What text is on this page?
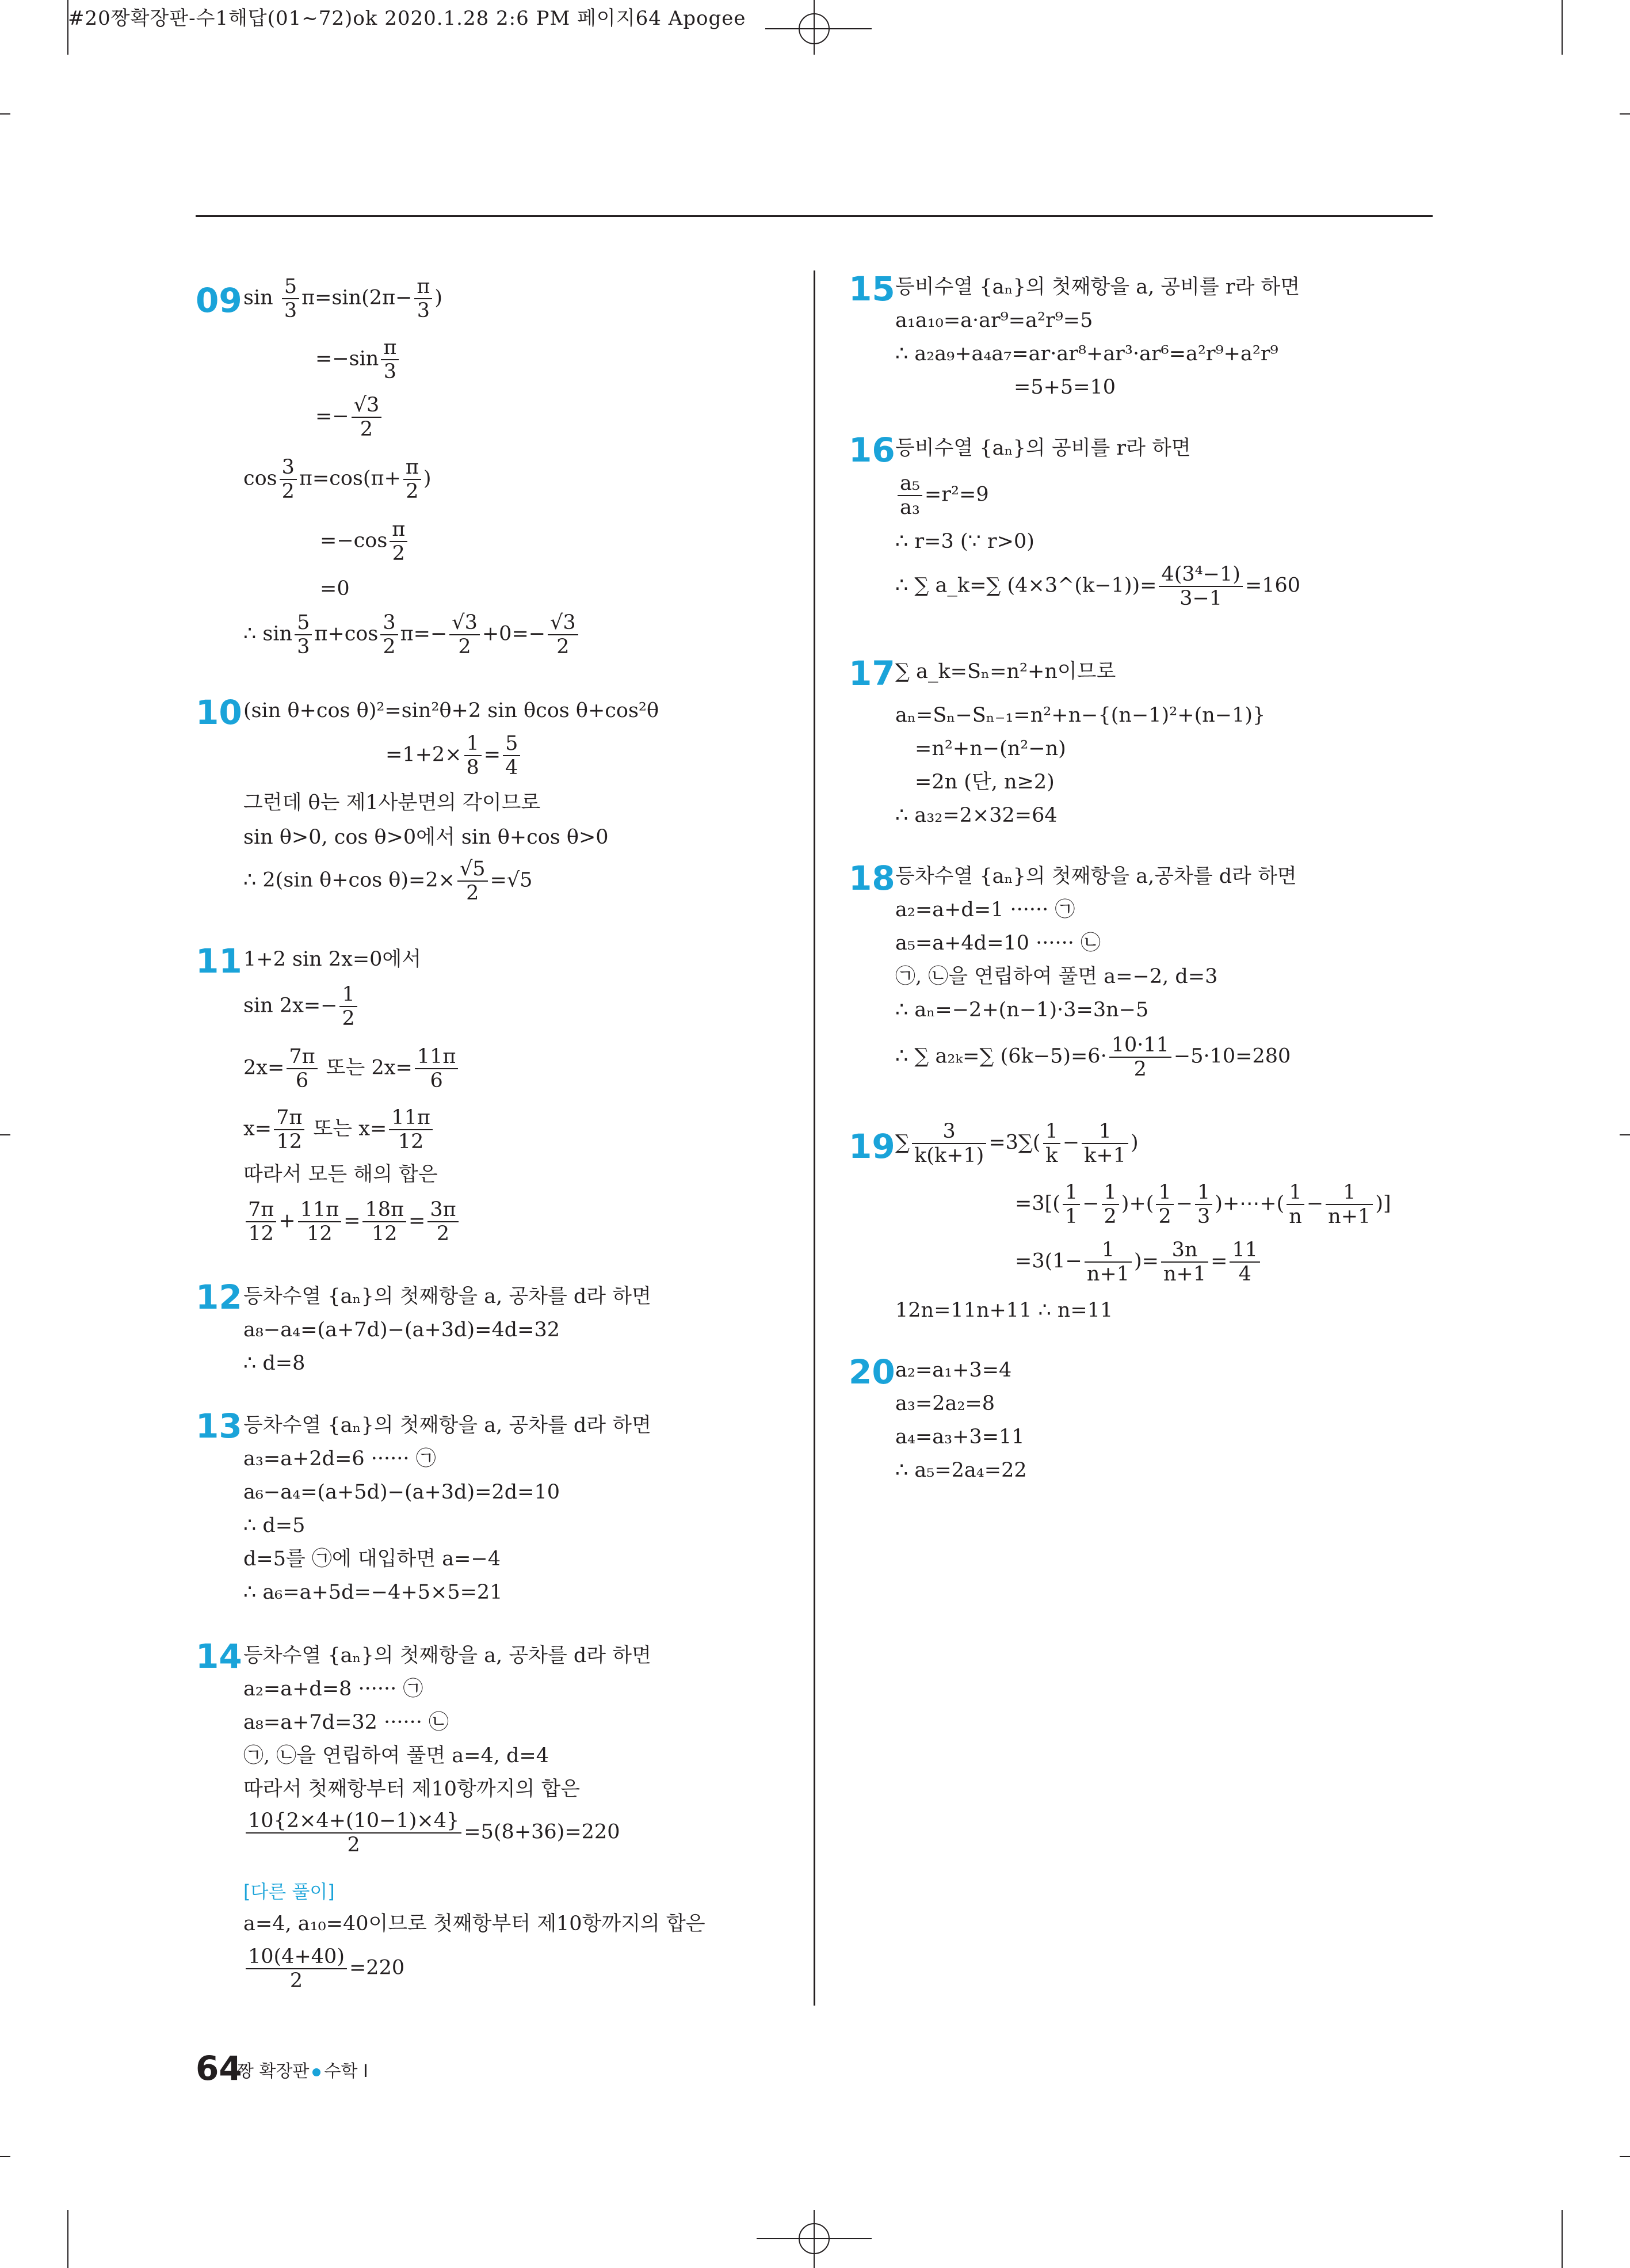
#20짱확장판-수1해답(01~72)ok 2020.1.28 2:6 PM 페이지64 Apogee
09 $\sin \frac{5}{3} \pi=\sin(2\pi- \frac{\pi}{3}$ )
$=-\sin \frac{\pi}{3}$
=− $\frac{√3}{2}$
$\cos \frac{3}{2} \pi=\cos(\pi+ \frac{\pi}{2}$ )
$=-\cos \frac{\pi}{2}$
=0
∴ $\sin \frac{5}{3} \pi+\cos \frac{3}{2} \pi=- \frac{√3}{2} +0=- \frac{√3}{2}$
10 (sin θ+cos θ)²=sin²θ+2 sin θcos θ+cos²θ
$=1+2\times \frac{1}{8} = \frac{5}{4}$
그런데 θ는 제1사분면의 각이므로
sin θ>0, cos θ>0에서 sin θ+cos θ>0
∴ 2(sin θ+cos $\theta)=2\times \frac{√5}{2} =√5$
11 1+2 sin 2x=0에서
$\sin 2x=- \frac{1}{2}$
$2x= \frac{7\pi}{6}$ 또는 $2x= \frac{11\pi}{6}$
$x= \frac{7\pi}{12}$ 또는 $x= \frac{11\pi}{12}$
따라서 모든 해의 합은
$\frac{7\pi}{12} + \frac{11\pi}{12} = \frac{18\pi}{12} = \frac{3\pi}{2}$
12 등차수열 {aₙ}의 첫째항을 a, 공차를 d라 하면
a₈−a₄=(a+7d)−(a+3d)=4d=32
∴ d=8
13 등차수열 {aₙ}의 첫째항을 a, 공차를 d라 하면
a₃=a+2d=6 ······ ㉠
a₆−a₄=(a+5d)−(a+3d)=2d=10
∴ d=5
d=5를 ㉠에 대입하면 a=−4
∴ a₆=a+5d=−4+5×5=21
14 등차수열 {aₙ}의 첫째항을 a, 공차를 d라 하면
a₂=a+d=8 ······ ㉠
a₈=a+7d=32 ······ ㉡
㉠, ㉡을 연립하여 풀면 a=4, d=4
따라서 첫째항부터 제10항까지의 합은
$\frac{10\{2\times 4+(10-1)\times 4\}}{2} =5(8+36)=220$
[다른 풀이]
a=4, a₁₀=40이므로 첫째항부터 제10항까지의 합은
$\frac{10(4+40)}{2} =220$
15 등비수열 {aₙ}의 첫째항을 a, 공비를 r라 하면
a₁a₁₀=a·ar⁹=a²r⁹=5
∴ a₂a₉+a₄a₇=ar·ar⁸+ar³·ar⁶=a²r⁹+a²r⁹
=5+5=10
16 등비수열 {aₙ}의 공비를 r라 하면
$\frac{\text{a₅}}{\text{a₃}} =r^2=9$
∴ r=3 (∵ r>0)
∴ ∑ a_k=∑ (4×3^(k−1))= $\frac{\text{4(3⁴−1)}}{3-1} =160$
17 ∑ a_k=Sₙ=n²+n이므로
aₙ=Sₙ−Sₙ₋₁=n²+n−{(n−1)²+(n−1)}
=n²+n−(n²−n)
=2n (단, n≥2)
∴ a₃₂=2×32=64
18 등차수열 {aₙ}의 첫째항을 a,공차를 d라 하면
a₂=a+d=1 ······ ㉠
a₅=a+4d=10 ······ ㉡
㉠, ㉡을 연립하여 풀면 a=−2, d=3
∴ aₙ=−2+(n−1)·3=3n−5
∴ ∑ a₂ₖ=∑ $(6k-5)=6\cdot \frac{10\cdot 11}{2} -5\cdot 10=280$
19 ∑ $\frac{3}{k(k+1)} =3\sum( \frac{1}{k} - \frac{1}{k+1}$ )
$=3[( \frac{1}{1} - \frac{1}{2}$ )+( $\frac{1}{2} - \frac{1}{3}$ )+⋯+( $\frac{1}{n} - \frac{1}{n+1}$ )]
$=3(1- \frac{1}{n+1}$ )= $\frac{3n}{n+1} = \frac{11}{4}$
12n=11n+11 ∴ n=11
20 a₂=a₁+3=4
a₃=2a₂=8
a₄=a₃+3=11
∴ a₅=2a₄=22
64
짱 확장판 수학 Ⅰ
